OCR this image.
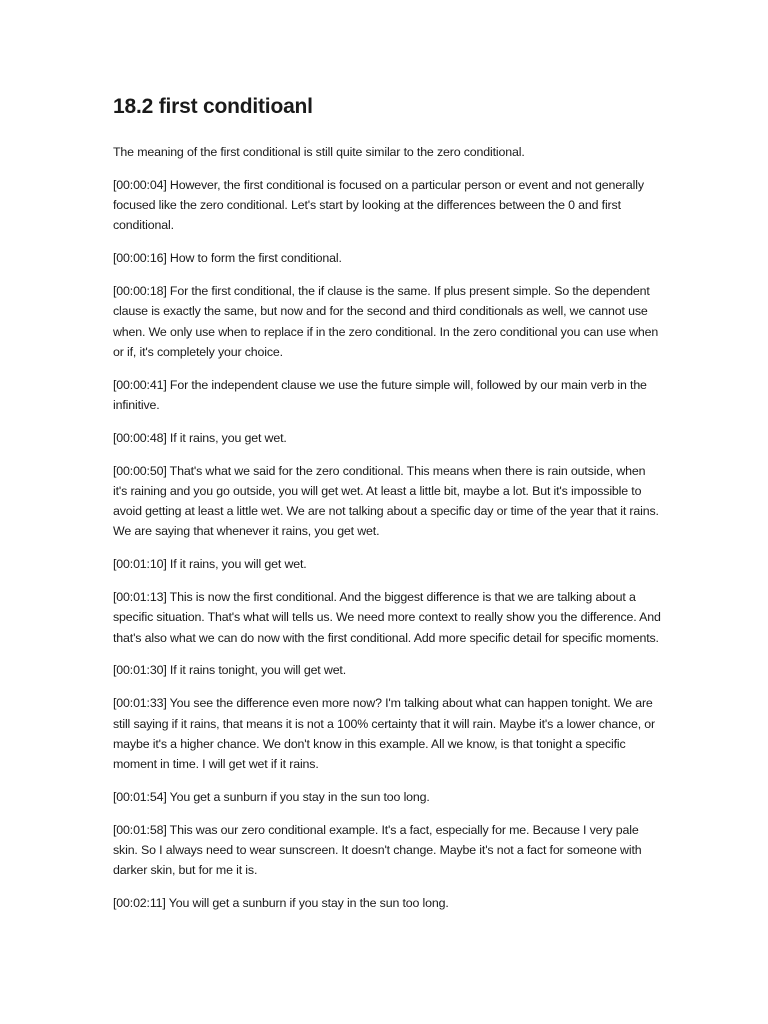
18.2 first conditioanl

The meaning of the first conditional is still quite similar to the zero conditional.

[00:00:04] However, the first conditional is focused on a particular person or event and not generally focused like the zero conditional. Let's start by looking at the differences between the 0 and first conditional.

[00:00:16] How to form the first conditional.

[00:00:18] For the first conditional, the if clause is the same. If plus present simple. So the dependent clause is exactly the same, but now and for the second and third conditionals as well, we cannot use when. We only use when to replace if in the zero conditional. In the zero conditional you can use when or if, it's completely your choice.

[00:00:41] For the independent clause we use the future simple will, followed by our main verb in the infinitive.

[00:00:48] If it rains, you get wet.

[00:00:50] That's what we said for the zero conditional. This means when there is rain outside, when it's raining and you go outside, you will get wet. At least a little bit, maybe a lot. But it's impossible to avoid getting at least a little wet. We are not talking about a specific day or time of the year that it rains. We are saying that whenever it rains, you get wet.

[00:01:10] If it rains, you will get wet.

[00:01:13] This is now the first conditional. And the biggest difference is that we are talking about a specific situation. That's what will tells us. We need more context to really show you the difference. And that's also what we can do now with the first conditional. Add more specific detail for specific moments.

[00:01:30] If it rains tonight, you will get wet.

[00:01:33] You see the difference even more now? I'm talking about what can happen tonight. We are still saying if it rains, that means it is not a 100% certainty that it will rain. Maybe it's a lower chance, or maybe it's a higher chance. We don't know in this example. All we know, is that tonight a specific moment in time. I will get wet if it rains.

[00:01:54] You get a sunburn if you stay in the sun too long.

[00:01:58] This was our zero conditional example. It's a fact, especially for me. Because I very pale skin. So I always need to wear sunscreen. It doesn't change. Maybe it's not a fact for someone with darker skin, but for me it is.

[00:02:11] You will get a sunburn if you stay in the sun too long.
